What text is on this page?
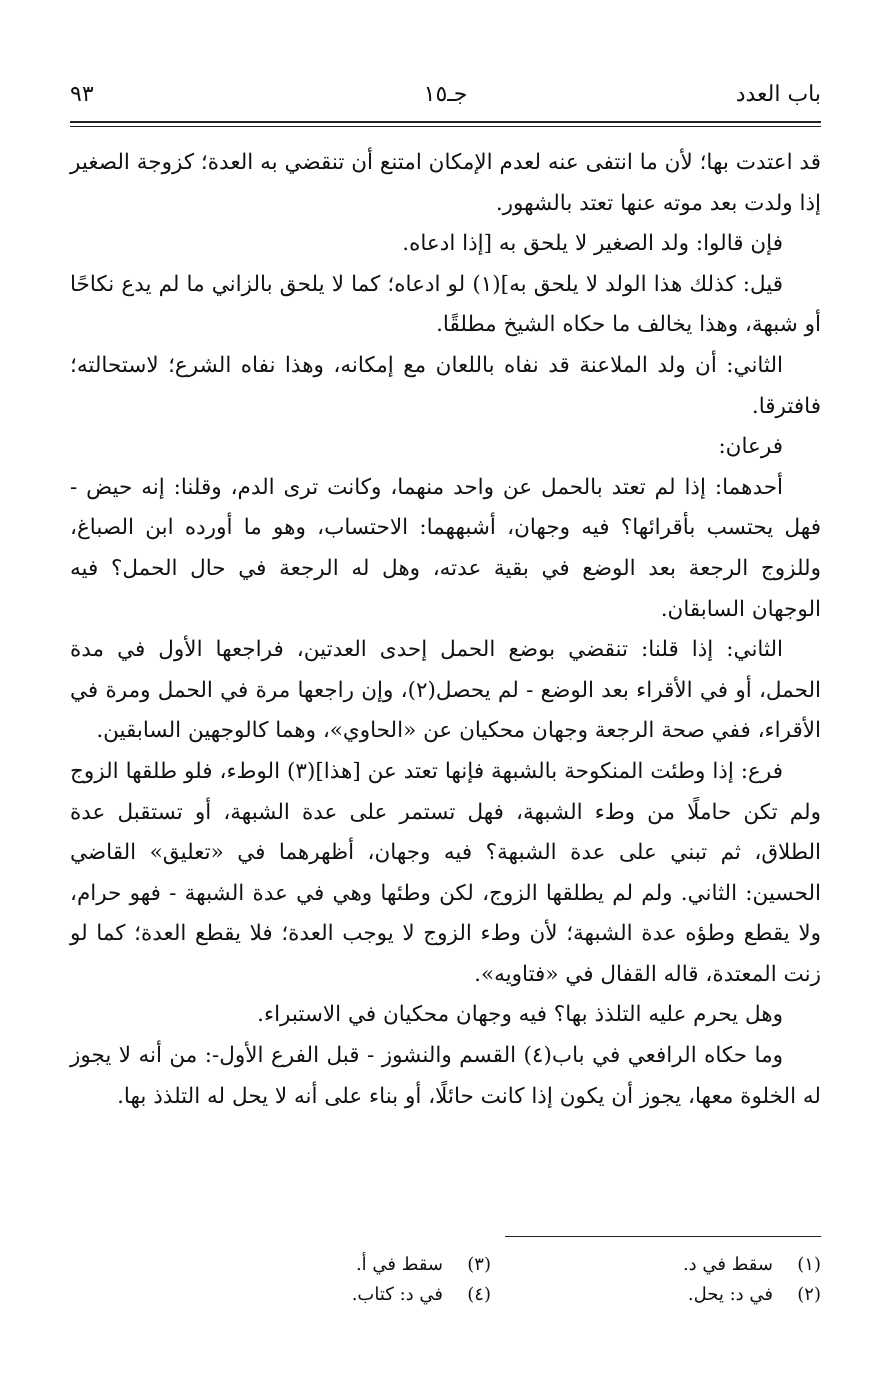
باب العدد
جـ١٥
٩٣

قد اعتدت بها؛ لأن ما انتفى عنه لعدم الإمكان امتنع أن تنقضي به العدة؛ كزوجة الصغير إذا ولدت بعد موته عنها تعتد بالشهور.

فإن قالوا: ولد الصغير لا يلحق به [إذا ادعاه.

قيل: كذلك هذا الولد لا يلحق به](١) لو ادعاه؛ كما لا يلحق بالزاني ما لم يدع نكاحًا أو شبهة، وهذا يخالف ما حكاه الشيخ مطلقًا.

الثاني: أن ولد الملاعنة قد نفاه باللعان مع إمكانه، وهذا نفاه الشرع؛ لاستحالته؛ فافترقا.

فرعان:

أحدهما: إذا لم تعتد بالحمل عن واحد منهما، وكانت ترى الدم، وقلنا: إنه حيض - فهل يحتسب بأقرائها؟ فيه وجهان، أشبههما: الاحتساب، وهو ما أورده ابن الصباغ، وللزوج الرجعة بعد الوضع في بقية عدته، وهل له الرجعة في حال الحمل؟ فيه الوجهان السابقان.

الثاني: إذا قلنا: تنقضي بوضع الحمل إحدى العدتين، فراجعها الأول في مدة الحمل، أو في الأقراء بعد الوضع - لم يحصل(٢)، وإن راجعها مرة في الحمل ومرة في الأقراء، ففي صحة الرجعة وجهان محكيان عن «الحاوي»، وهما كالوجهين السابقين.

فرع: إذا وطئت المنكوحة بالشبهة فإنها تعتد عن [هذا](٣) الوطء، فلو طلقها الزوج ولم تكن حاملًا من وطء الشبهة، فهل تستمر على عدة الشبهة، أو تستقبل عدة الطلاق، ثم تبني على عدة الشبهة؟ فيه وجهان، أظهرهما في «تعليق» القاضي الحسين: الثاني. ولم لم يطلقها الزوج، لكن وطئها وهي في عدة الشبهة - فهو حرام، ولا يقطع وطؤه عدة الشبهة؛ لأن وطء الزوج لا يوجب العدة؛ فلا يقطع العدة؛ كما لو زنت المعتدة، قاله القفال في «فتاويه».

وهل يحرم عليه التلذذ بها؟ فيه وجهان محكيان في الاستبراء.

وما حكاه الرافعي في باب(٤) القسم والنشوز - قبل الفرع الأول-: من أنه لا يجوز له الخلوة معها، يجوز أن يكون إذا كانت حائلًا، أو بناء على أنه لا يحل له التلذذ بها.

(١)سقط في د.
(٢)في د: يحل.
(٣)سقط في أ.
(٤)في د: كتاب.
